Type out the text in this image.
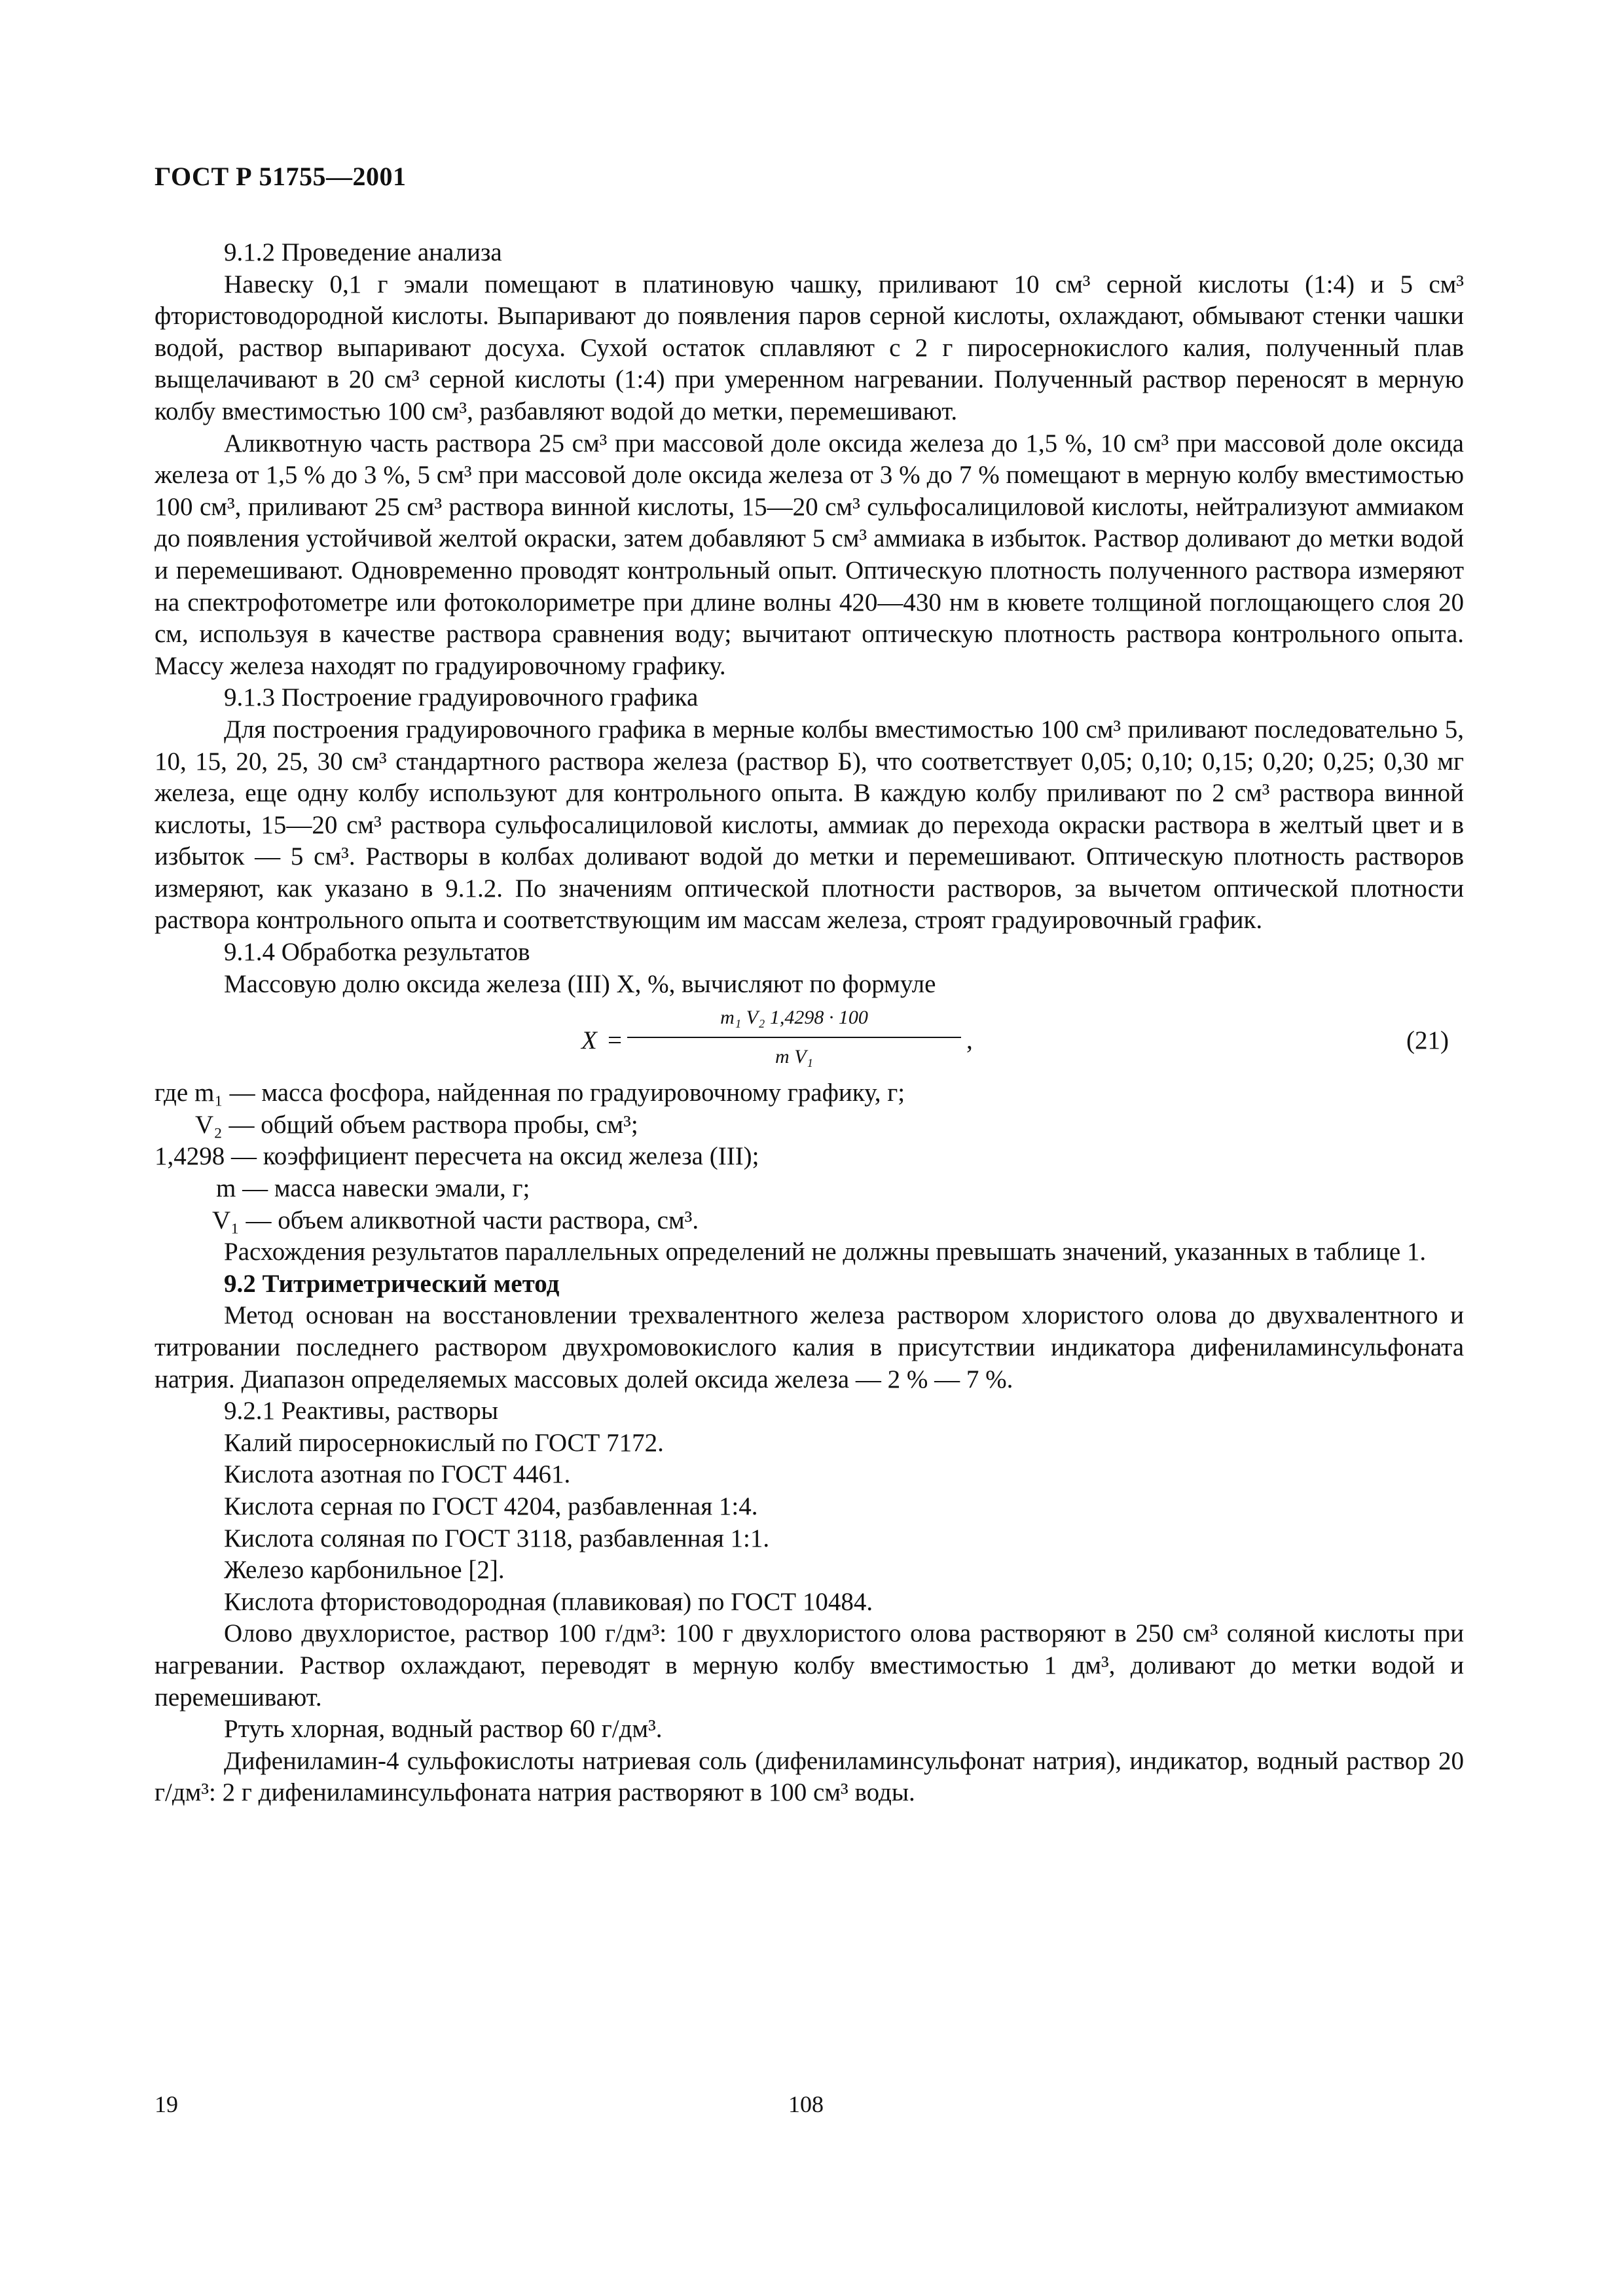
ГОСТ Р 51755—2001

9.1.2 Проведение анализа

Навеску 0,1 г эмали помещают в платиновую чашку, приливают 10 см³ серной кислоты (1:4) и 5 см³ фтористоводородной кислоты. Выпаривают до появления паров серной кислоты, охлаждают, обмывают стенки чашки водой, раствор выпаривают досуха. Сухой остаток сплавляют с 2 г пиросернокислого калия, полученный плав выщелачивают в 20 см³ серной кислоты (1:4) при умеренном нагревании. Полученный раствор переносят в мерную колбу вместимостью 100 см³, разбавляют водой до метки, перемешивают.

Аликвотную часть раствора 25 см³ при массовой доле оксида железа до 1,5 %, 10 см³ при массовой доле оксида железа от 1,5 % до 3 %, 5 см³ при массовой доле оксида железа от 3 % до 7 % помещают в мерную колбу вместимостью 100 см³, приливают 25 см³ раствора винной кислоты, 15—20 см³ сульфосалициловой кислоты, нейтрализуют аммиаком до появления устойчивой желтой окраски, затем добавляют 5 см³ аммиака в избыток. Раствор доливают до метки водой и перемешивают. Одновременно проводят контрольный опыт. Оптическую плотность полученного раствора измеряют на спектрофотометре или фотоколориметре при длине волны 420—430 нм в кювете толщиной поглощающего слоя 20 см, используя в качестве раствора сравнения воду; вычитают оптическую плотность раствора контрольного опыта. Массу железа находят по градуировочному графику.

9.1.3 Построение градуировочного графика

Для построения градуировочного графика в мерные колбы вместимостью 100 см³ приливают последовательно 5, 10, 15, 20, 25, 30 см³ стандартного раствора железа (раствор Б), что соответствует 0,05; 0,10; 0,15; 0,20; 0,25; 0,30 мг железа, еще одну колбу используют для контрольного опыта. В каждую колбу приливают по 2 см³ раствора винной кислоты, 15—20 см³ раствора сульфосалициловой кислоты, аммиак до перехода окраски раствора в желтый цвет и в избыток — 5 см³. Растворы в колбах доливают водой до метки и перемешивают. Оптическую плотность растворов измеряют, как указано в 9.1.2. По значениям оптической плотности растворов, за вычетом оптической плотности раствора контрольного опыта и соответствующим им массам железа, строят градуировочный график.

9.1.4 Обработка результатов

Массовую долю оксида железа (III) X, %, вычисляют по формуле

X =
m₁ V₂ 1,4298 · 100
m V₁
,	(21)

где m₁ — масса фосфора, найденная по градуировочному графику, г;

V₂ — общий объем раствора пробы, см³;

1,4298 — коэффициент пересчета на оксид железа (III);

m — масса навески эмали, г;

V₁ — объем аликвотной части раствора, см³.

Расхождения результатов параллельных определений не должны превышать значений, указанных в таблице 1.

9.2 Титриметрический метод

Метод основан на восстановлении трехвалентного железа раствором хлористого олова до двухвалентного и титровании последнего раствором двухромовокислого калия в присутствии индикатора дифениламинсульфоната натрия. Диапазон определяемых массовых долей оксида железа — 2 % — 7 %.

9.2.1 Реактивы, растворы

Калий пиросернокислый по ГОСТ 7172.

Кислота азотная по ГОСТ 4461.

Кислота серная по ГОСТ 4204, разбавленная 1:4.

Кислота соляная по ГОСТ 3118, разбавленная 1:1.

Железо карбонильное [2].

Кислота фтористоводородная (плавиковая) по ГОСТ 10484.

Олово двухлористое, раствор 100 г/дм³: 100 г двухлористого олова растворяют в 250 см³ соляной кислоты при нагревании. Раствор охлаждают, переводят в мерную колбу вместимостью 1 дм³, доливают до метки водой и перемешивают.

Ртуть хлорная, водный раствор 60 г/дм³.

Дифениламин-4 сульфокислоты натриевая соль (дифениламинсульфонат натрия), индикатор, водный раствор 20 г/дм³: 2 г дифениламинсульфоната натрия растворяют в 100 см³ воды.

19	108
